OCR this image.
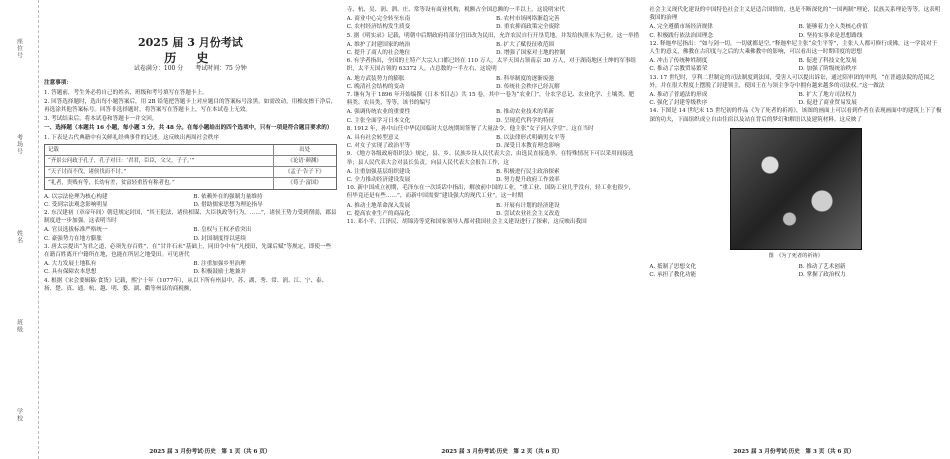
座位号
考场号
姓名
班级
学校
2025 届 3 月份考试
历 史
试卷满分：100 分　　考试时间：75 分钟

注意事项：

1. 答题前，考生务必将自己的姓名、班级和考号填写在答题卡上。

2. 回答选择题时，选出每小题答案后，用 2B 铅笔把答题卡上对应题目的答案标号涂黑。如需改动，用橡皮擦干净后，再选涂其他答案标号。回答非选择题时，将答案写在答题卡上，写在本试卷上无效。

3. 考试结束后，将本试卷和答题卡一并交回。

一、选择题（本题共 16 小题，每小题 3 分，共 48 分。在每小题给出的四个选项中，只有一项是符合题目要求的）

1. 下表是古代典籍中有关鲜礼经典事件的记述。这反映出两周社会秩序

记载	出处
“齐景公问政于孔子，孔子对曰：‘君君，臣臣，父父，子子。’”	《论语·颜渊》
“天子讨而不伐，诸侯伐而不讨。”	《孟子·告子下》
“礼者，贵贱有等，长幼有差，贫富轻重皆有称者也。”	《荀子·富国》
A. 以宗法伦理为核心构建	B. 依赖外在的强制力量维持
C. 受到宗法观念影响明显	D. 借助儒家思想为理论指导

2. 东汉建初（章帝年间）朝廷规定封国，“其王犯法、诸侯相谋、大臣执政等行为，……”，诸侯王势力受到削弱，郡县制度进一步加强。这表明当时

A. 官员选拔标准严格统一	B. 皇权与王权矛盾突出
C. 豪强势力在地方膨胀	D. 封国制度得以延续

3. 唐太宗提出“为君之道，必须先存百姓”，在“甘井石末”基础上，同田令中有“凡授田，先课后赋”等规定，即使一些在籍百姓离开户籍所在地，也能在所居之地受田。可见唐代

A. 大力发展土地私有	B. 注重加强乡里治理
C. 具有保障农本思想	D. 积极鼓励土地兼并

4. 根据《宋会要辑稿·食货》记载，熙宁十年（1077年），从以下所有州县中，苏、湖、秀、常、润、江、宁、泰、扬、楚、真、通、杭、越、明、婺、湖、衢等州县的商税额，

寺、杭、吴、润、泗、庄、常等设有商业机构，税额占全国总额的一半以上。这说明宋代

A. 商业中心完全转至东南	B. 农村市场网络渐趋完善
C. 农村经济结构发生质变	D. 重农抑商政策完全废除

5. 据《明实录》记载，明朝中后期政府将部分官田改为民田，允许农民自行开垦荒地，并发给执照永为己业。这一举措

A. 维护了封建国家的统治	B. 扩大了赋役征收范围
C. 提升了商人的社会地位	D. 增强了国家对土地的控制

6. 有学者指出，全国的土特产大宗人口都已经在 110 万人，太平天国占领南京 30 万人，对于湖南地区士绅的军事组织，太平天国占领的 63372 人，占总数的一半左右，这说明

A. 地方武装势力的膨胀	B. 科举制度的逐渐废弛
C. 晚清社会结构的变动	D. 传统社会秩序已经瓦解

7. 继有为于 1896 年开始编撰《日本书目志》共 15 卷，其中一卷为“农业门”，分农学总记、农业化学、土壤类、肥料类、农具类，等等，该书的编写

A. 强调传统农业的重要性	B. 推动农业技术的革新
C. 主张全面学习日本文化	D. 呈现近代科学的特征

8. 1912 年，孙中山任中华民国临时大总统期间签署了大量法令，他主张“女子同入学堂”。这在当时

A. 具有社会转型意义	B. 以法律形式明确男女平等
C. 对女子实现了政治平等	D. 深受日本教育理念影响

9. 《地方各级政府组织法》规定，县、乡、民族乡设人民代表大会，由选民直接选举，在特殊情况下可以采用间接选举；县人民代表大会对县长负责，向县人民代表大会报告工作，这

A. 注重加强基层组织建设	B. 积极进行民主政治探索
C. 全力推动经济建设发展	D. 努力提升政府工作效率

10. 新中国成立初期，毛泽东在一次谈话中指出，解放前中国的工业，“重工业、国防工业几乎没有，轻工业也很少，但毕竟还是有些……”，而新中国需要“建设强大的现代工业”。这一时期

A. 推动土地革命深入发展	B. 开展有计划的经济建设
C. 提高农业生产的商品化	D. 尝试农业社会主义改造

11. 邓小平、江泽民、胡锦涛等党和国家领导人都对我国社会主义建设进行了探索，这反映出我国

社会主义现代化建设的中国特色社会主义是适合国情的，也是不断深化的“一国两制”理论，民族关系理论等等。这表明我国的治理

A. 完全遵循市场经济规律	B. 能够着力全人类核心价值
C. 积极践行依法治国理念	D. 坚持实事求是思想路线

12. 释迦牟尼指出：“如与剑一切，一切就都是空。”释迦牟尼主张“众生平等”，主张人人都可修行成佛，这一学说对于人生的意义，佛教在古印度与之后的大乘佛教中的影响，可以看出这一时期印度的思想

A. 冲击了传统种姓制度	B. 促进了科技文化发展
C. 推动了宗教贸易繁荣	D. 加强了阶级统治秩序

13. 17 世纪时，亨利二世制定的司法制度到法国，受害人可以提出诉讼，通过陪审团的审判，“在普通法院的范围之外，并在很大程度上摆脱了封建领主，使国王在与领主争夺中拥有越来越多的司法权。”这一做法

A. 推动了普通法的形成	B. 扩大了地方司法权力
C. 强化了封建等级秩序	D. 促进了商业贸易发展

14. 下图是 14 世纪末 15 世纪初的作品《为了死者的祈祷》，该图的画面上可以看到作者在表现画面中的建筑上下了极深的功夫，下面组织成立自由住宿以及站在背后的梦幻和解语以及建筑材料。这反映了

图　《为了死者的祈祷》
A. 抵制了思想文化	B. 推动了艺术创新
C. 承担了教化功能	D. 掌握了政治权力
2025 届 3 月份考试·历史　第 1 页（共 6 页）	2025 届 3 月份考试·历史　第 2 页（共 6 页）	2025 届 3 月份考试·历史　第 3 页（共 6 页）
